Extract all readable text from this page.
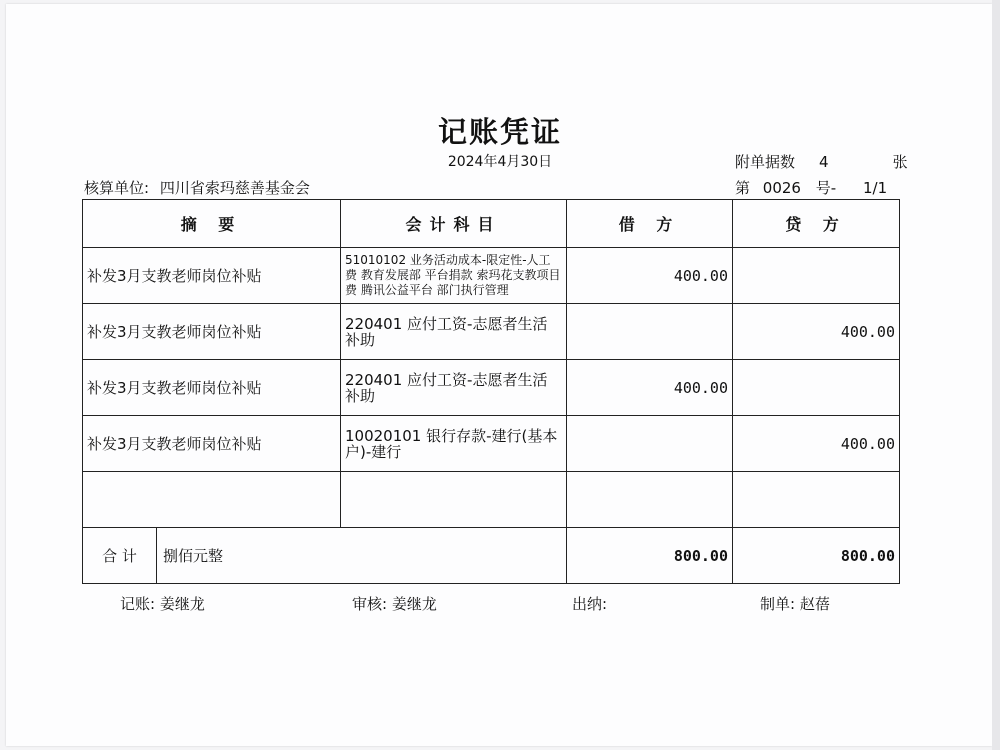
记账凭证
2024年4月30日	附单据数 4	张
核算单位: 四川省索玛慈善基金会	第 0026 号- 1/1
摘 要	会计科目	借 方	贷 方
补发3月支教老师岗位补贴	51010102 业务活动成本-限定性-人工费 教育发展部 平台捐款 索玛花支教项目费 腾讯公益平台 部门执行管理	400.00	
补发3月支教老师岗位补贴	220401 应付工资-志愿者生活补助		400.00
补发3月支教老师岗位补贴	220401 应付工资-志愿者生活补助	400.00	
补发3月支教老师岗位补贴	10020101 银行存款-建行(基本户)-建行		400.00

合 计 捌佰元整		800.00	800.00
记账: 姜继龙	审核: 姜继龙	出纳:	制单: 赵蓓
